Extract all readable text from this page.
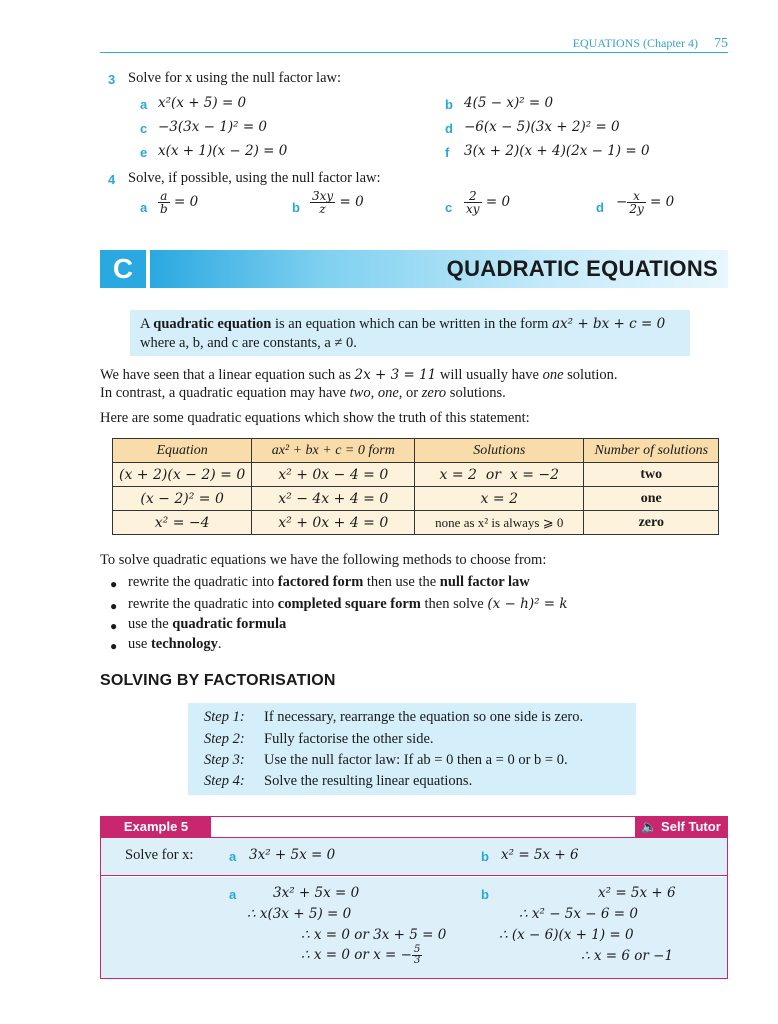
EQUATIONS (Chapter 4) 75
3 Solve for x using the null factor law:
a x²(x + 5) = 0	b 4(5 − x)² = 0
c −3(3x − 1)² = 0	d −6(x − 5)(3x + 2)² = 0
e x(x + 1)(x − 2) = 0	f 3(x + 2)(x + 4)(2x − 1) = 0
4 Solve, if possible, using the null factor law:
a $\frac{a}{b} = 0$	b $\frac{3xy}{z} = 0$	c $\frac{2}{xy} = 0$	$d - \frac{x}{2y} = 0$
C	QUADRATIC EQUATIONS
A quadratic equation is an equation which can be written in the form ax² + bx + c = 0
where a, b, and c are constants, a ≠ 0.
We have seen that a linear equation such as 2x + 3 = 11 will usually have one solution.
In contrast, a quadratic equation may have two, one, or zero solutions.
Here are some quadratic equations which show the truth of this statement:
Equation	ax² + bx + c = 0 form	Solutions	Number of solutions
(x + 2)(x − 2) = 0	x² + 0x − 4 = 0	x = 2  or  x = −2	two
(x − 2)² = 0	x² − 4x + 4 = 0	x = 2	one
x² = −4	x² + 0x + 4 = 0	none as x² is always ⩾ 0	zero
To solve quadratic equations we have the following methods to choose from:
● rewrite the quadratic into factored form then use the null factor law
● rewrite the quadratic into completed square form then solve (x − h)² = k
● use the quadratic formula
● use technology.
SOLVING BY FACTORISATION
Step 1: If necessary, rearrange the equation so one side is zero.
Step 2: Fully factorise the other side.
Step 3: Use the null factor law: If ab = 0 then a = 0 or b = 0.
Step 4: Solve the resulting linear equations.
Example 5	🔈 Self Tutor
Solve for x:	a 3x² + 5x = 0	b x² = 5x + 6
a	3x² + 5x = 0
∴ x(3x + 5) = 0
∴ x = 0 or 3x + 5 = 0
∴ x = 0 or x = − $\frac{5}{3}$
b	x² = 5x + 6
∴ x² − 5x − 6 = 0
∴ (x − 6)(x + 1) = 0
∴ x = 6 or −1
